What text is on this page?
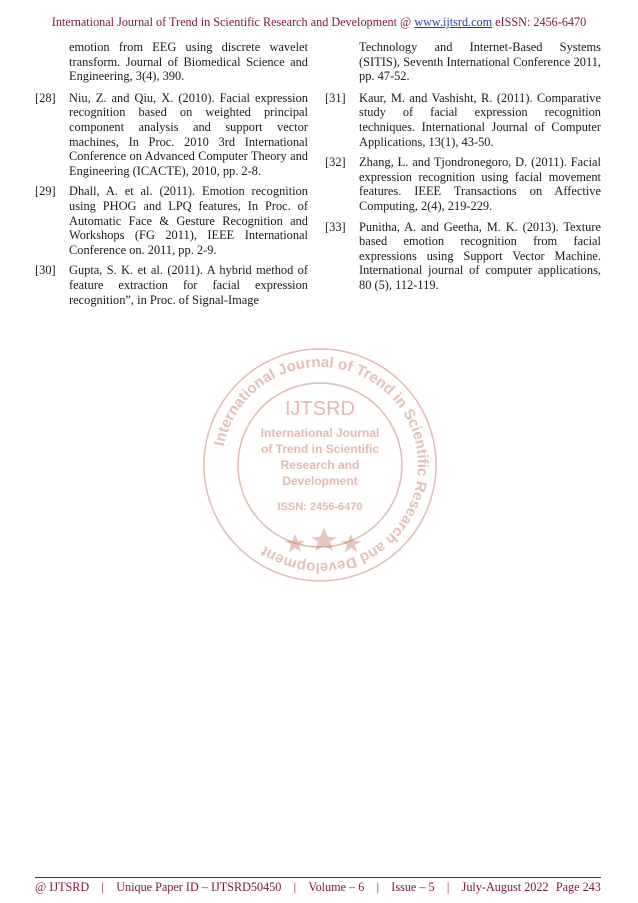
International Journal of Trend in Scientific Research and Development @ www.ijtsrd.com eISSN: 2456-6470
emotion from EEG using discrete wavelet transform. Journal of Biomedical Science and Engineering, 3(4), 390.
[28] Niu, Z. and Qiu, X. (2010). Facial expression recognition based on weighted principal component analysis and support vector machines, In Proc. 2010 3rd International Conference on Advanced Computer Theory and Engineering (ICACTE), 2010, pp. 2-8.
[29] Dhall, A. et al. (2011). Emotion recognition using PHOG and LPQ features, In Proc. of Automatic Face & Gesture Recognition and Workshops (FG 2011), IEEE International Conference on. 2011, pp. 2-9.
[30] Gupta, S. K. et al. (2011). A hybrid method of feature extraction for facial expression recognition”, in Proc. of Signal-Image
Technology and Internet-Based Systems (SITIS), Seventh International Conference 2011, pp. 47-52.
[31] Kaur, M. and Vashisht, R. (2011). Comparative study of facial expression recognition techniques. International Journal of Computer Applications, 13(1), 43-50.
[32] Zhang, L. and Tjondronegoro, D. (2011). Facial expression recognition using facial movement features. IEEE Transactions on Affective Computing, 2(4), 219-229.
[33] Punitha, A. and Geetha, M. K. (2013). Texture based emotion recognition from facial expressions using Support Vector Machine. International journal of computer applications, 80 (5), 112-119.
International Journal of Trend in Scientific Research and Development
IJTSRD
International Journal
of Trend in Scientific
Research and
Development
ISSN: 2456-6470
@ IJTSRD	|	Unique Paper ID – IJTSRD50450	|	Volume – 6	|	Issue – 5	|	July-August 2022 Page 243
